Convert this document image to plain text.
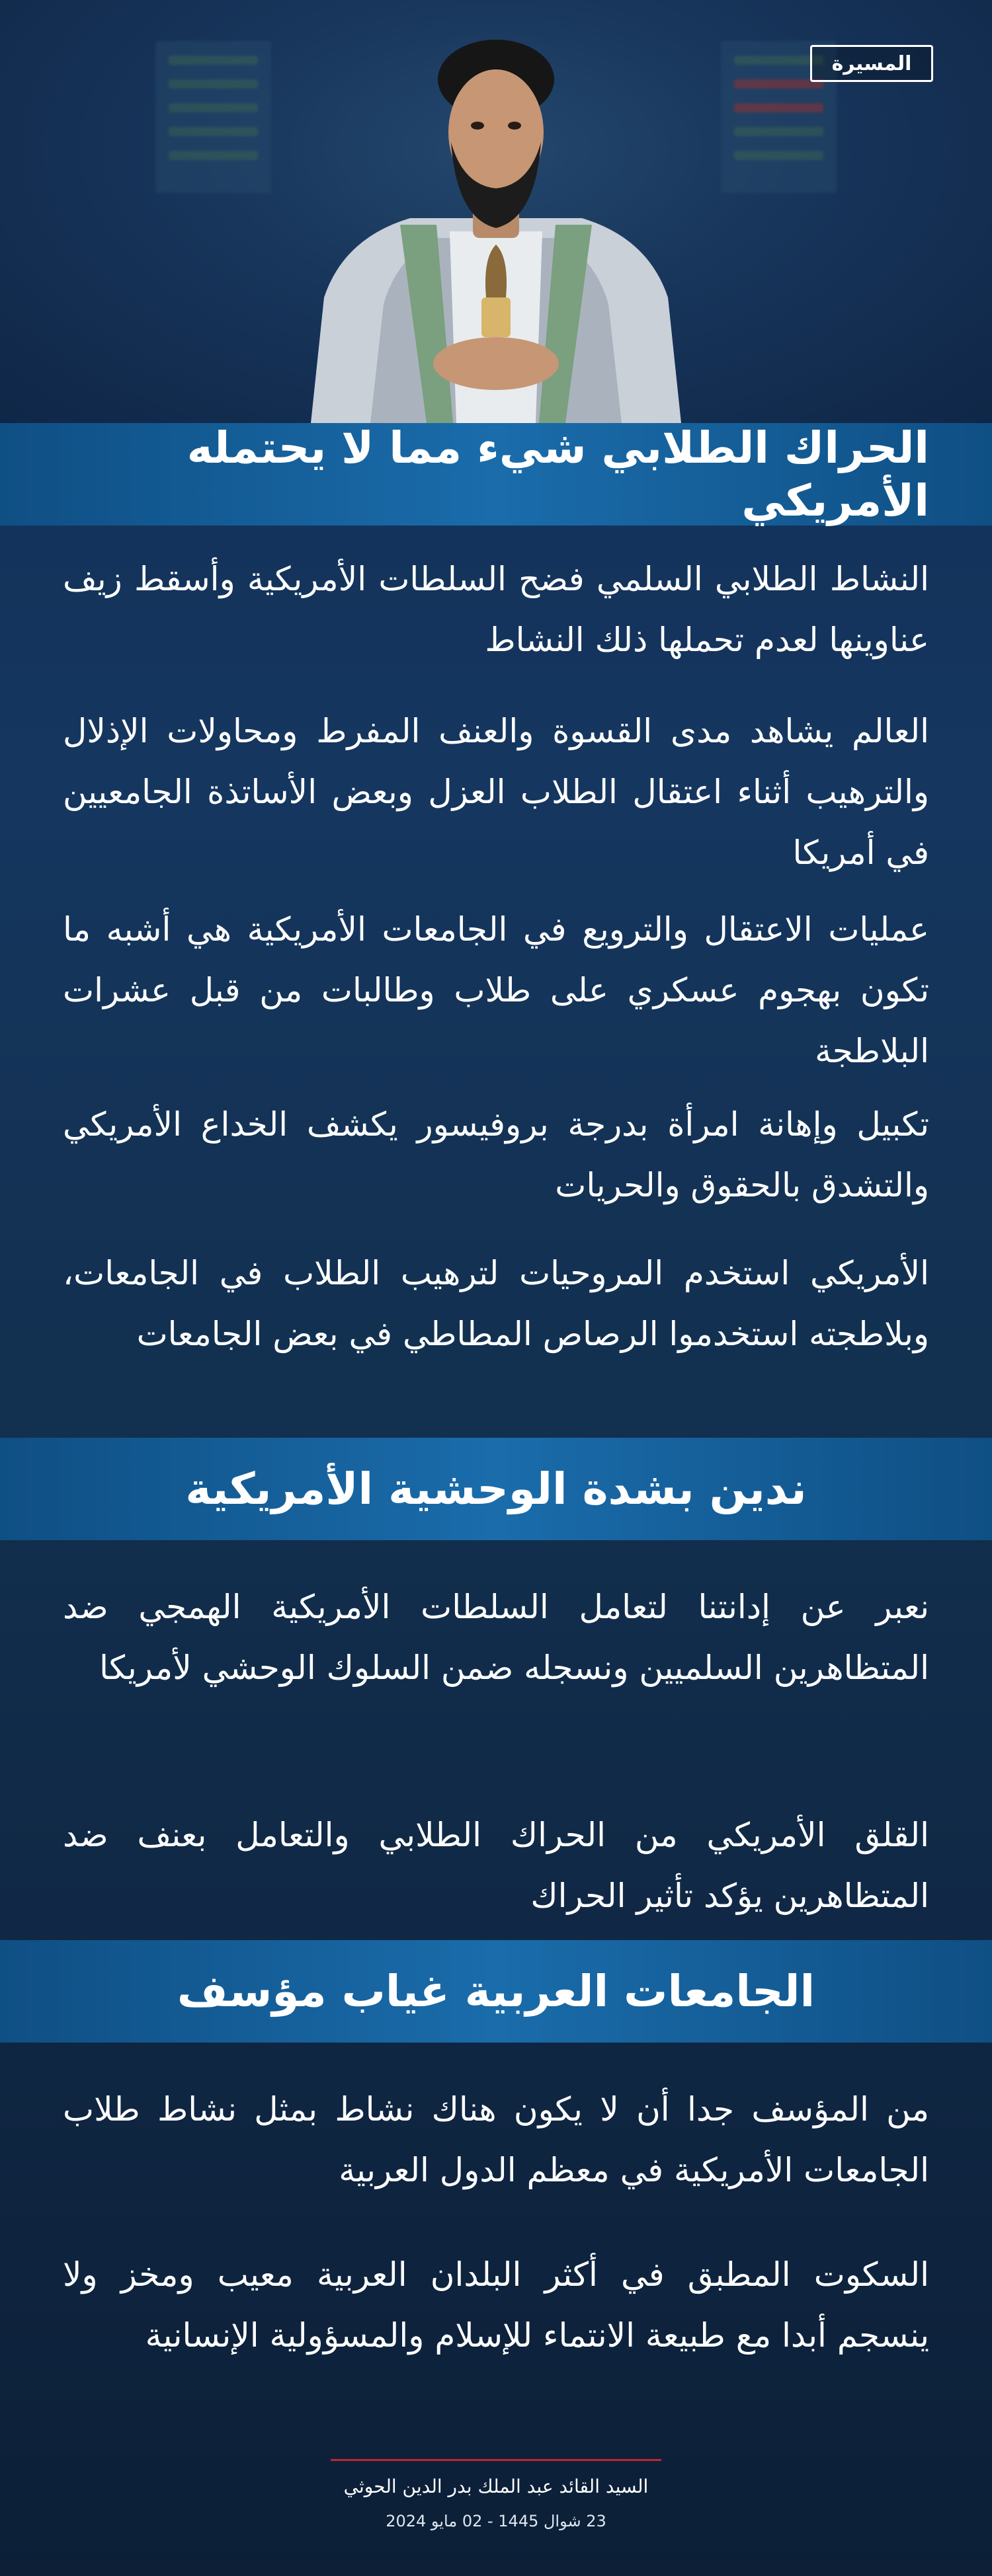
المسيرة
الحراك الطلابي شيء مما لا يحتمله الأمريكي

النشاط الطلابي السلمي فضح السلطات الأمريكية وأسقط زيف عناوينها لعدم تحملها ذلك النشاط

العالم يشاهد مدى القسوة والعنف المفرط ومحاولات الإذلال والترهيب أثناء اعتقال الطلاب العزل وبعض الأساتذة الجامعيين في أمريكا

عمليات الاعتقال والترويع في الجامعات الأمريكية هي أشبه ما تكون بهجوم عسكري على طلاب وطالبات من قبل عشرات البلاطجة

تكبيل وإهانة امرأة بدرجة بروفيسور يكشف الخداع الأمريكي والتشدق بالحقوق والحريات

الأمريكي استخدم المروحيات لترهيب الطلاب في الجامعات، وبلاطجته استخدموا الرصاص المطاطي في بعض الجامعات

ندين بشدة الوحشية الأمريكية

نعبر عن إدانتنا لتعامل السلطات الأمريكية الهمجي ضد المتظاهرين السلميين ونسجله ضمن السلوك الوحشي لأمريكا

القلق الأمريكي من الحراك الطلابي والتعامل بعنف ضد المتظاهرين يؤكد تأثير الحراك

الجامعات العربية غياب مؤسف

من المؤسف جدا أن لا يكون هناك نشاط بمثل نشاط طلاب الجامعات الأمريكية في معظم الدول العربية

السكوت المطبق في أكثر البلدان العربية معيب ومخز ولا ينسجم أبدا مع طبيعة الانتماء للإسلام والمسؤولية الإنسانية

السيد القائد عبد الملك بدر الدين الحوثي
23 شوال 1445 - 02 مايو 2024
